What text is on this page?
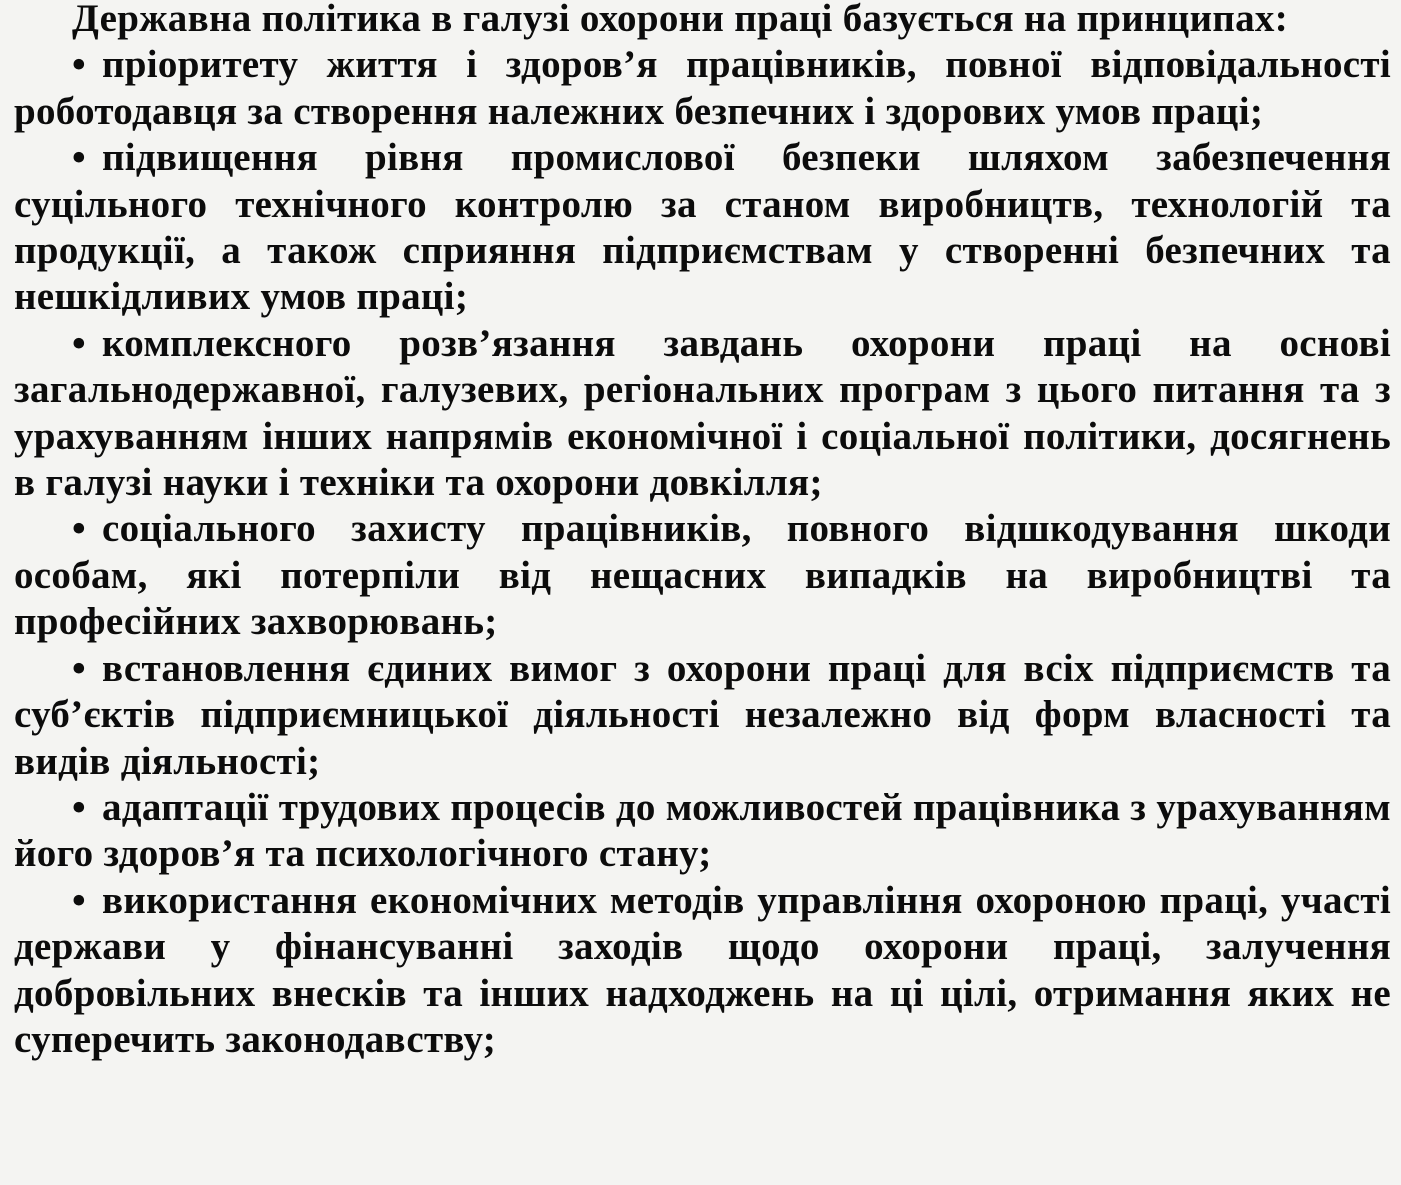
Державна політика в галузі охорони праці базується на принципах:

• пріоритету життя і здоров’я працівників, повної відповідальності роботодавця за створення належних безпечних і здорових умов праці;

• підвищення рівня промислової безпеки шляхом забезпечення суцільного технічного контролю за станом виробництв, технологій та продукції, а також сприяння підприємствам у створенні безпечних та нешкідливих умов праці;

• комплексного розв’язання завдань охорони праці на основі загальнодержавної, галузевих, регіональних програм з цього питання та з урахуванням інших напрямів економічної і соціальної політики, досягнень в галузі науки і техніки та охорони довкілля;

• соціального захисту працівників, повного відшкодування шкоди особам, які потерпіли від нещасних випадків на виробництві та професійних захворювань;

• встановлення єдиних вимог з охорони праці для всіх підприємств та суб’єктів підприємницької діяльності незалежно від форм власності та видів діяльності;

• адаптації трудових процесів до можливостей працівника з урахуванням його здоров’я та психологічного стану;

• використання економічних методів управління охороною праці, участі держави у фінансуванні заходів щодо охорони праці, залучення добровільних внесків та інших надходжень на ці цілі, отримання яких не суперечить законодавству;
